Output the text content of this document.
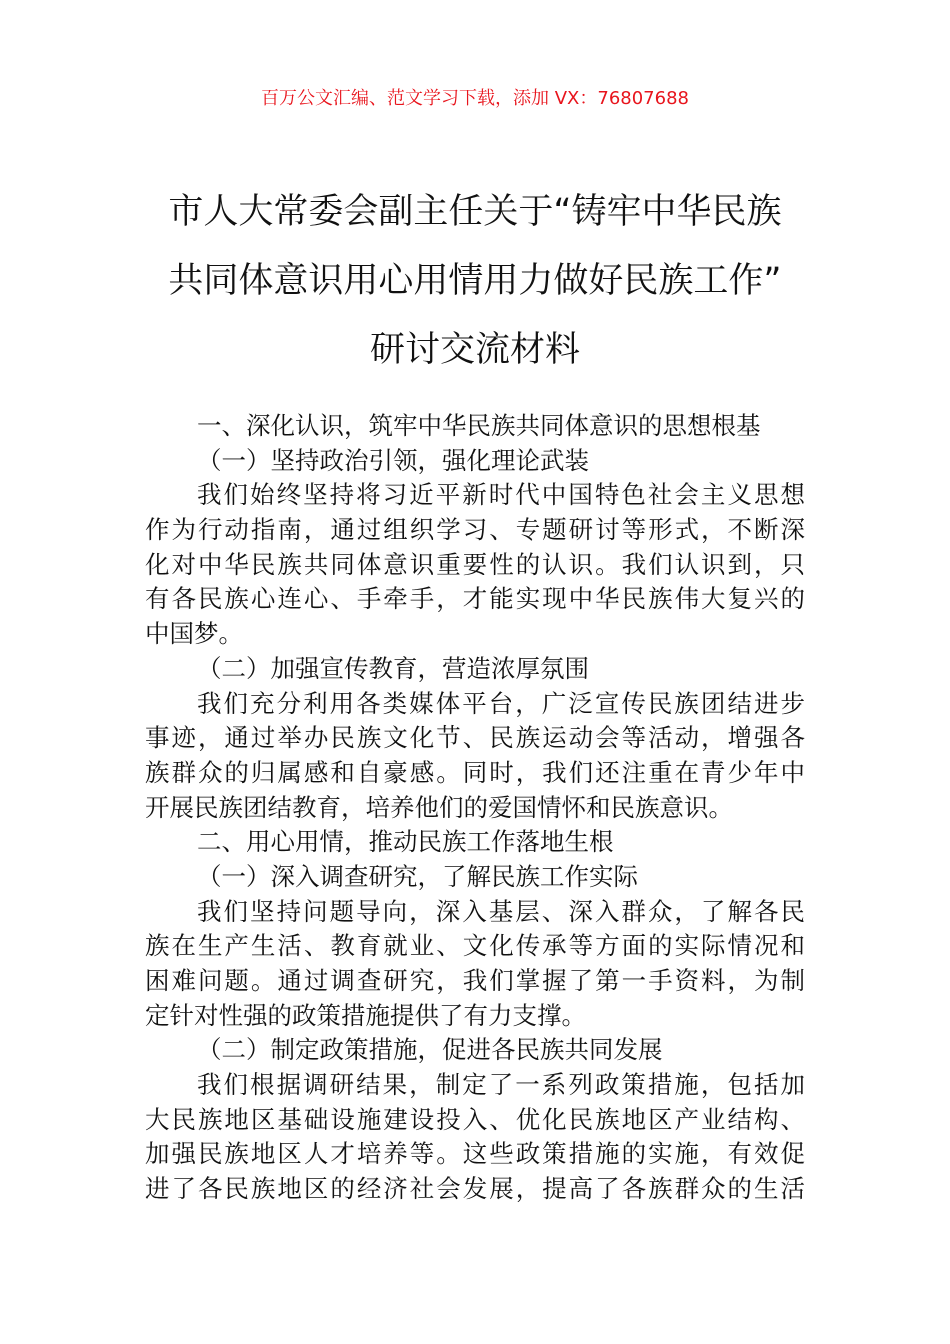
百万公文汇编、范文学习下载，添加 VX：76807688
市人大常委会副主任关于“铸牢中华民族
共同体意识用心用情用力做好民族工作”
研讨交流材料
一、深化认识，筑牢中华民族共同体意识的思想根基
（一）坚持政治引领，强化理论武装
我们始终坚持将习近平新时代中国特色社会主义思想
作为行动指南，通过组织学习、专题研讨等形式，不断深
化对中华民族共同体意识重要性的认识。我们认识到，只
有各民族心连心、手牵手，才能实现中华民族伟大复兴的
中国梦。
（二）加强宣传教育，营造浓厚氛围
我们充分利用各类媒体平台，广泛宣传民族团结进步
事迹，通过举办民族文化节、民族运动会等活动，增强各
族群众的归属感和自豪感。同时，我们还注重在青少年中
开展民族团结教育，培养他们的爱国情怀和民族意识。
二、用心用情，推动民族工作落地生根
（一）深入调查研究，了解民族工作实际
我们坚持问题导向，深入基层、深入群众，了解各民
族在生产生活、教育就业、文化传承等方面的实际情况和
困难问题。通过调查研究，我们掌握了第一手资料，为制
定针对性强的政策措施提供了有力支撑。
（二）制定政策措施，促进各民族共同发展
我们根据调研结果，制定了一系列政策措施，包括加
大民族地区基础设施建设投入、优化民族地区产业结构、
加强民族地区人才培养等。这些政策措施的实施，有效促
进了各民族地区的经济社会发展，提高了各族群众的生活
